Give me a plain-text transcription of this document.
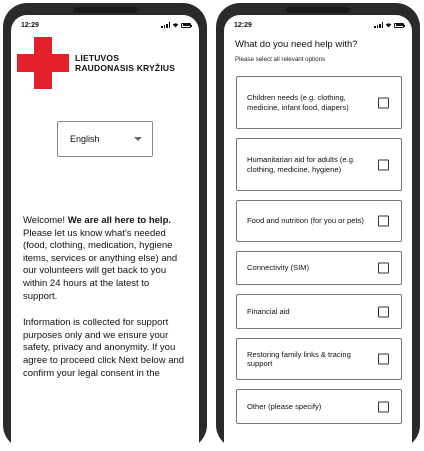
12:29
LIETUVOS
RAUDONASIS KRYŽIUS
English

Welcome! We are all here to help. Please let us know what's needed (food, clothing, medication, hygiene items, services or anything else) and our volunteers will get back to you within 24 hours at the latest to support.

Information is collected for support purposes only and we ensure your safety, privacy and anonymity. If you agree to proceed click Next below and confirm your legal consent in the

12:29
What do you need help with?
Please select all relevant options
Children needs (e.g. clothing, medicine, infant food, diapers)
Humanitarian aid for adults (e.g. clothing, medicine, hygiene)
Food and nutrition (for you or pets)
Connectivity (SIM)
Financial aid
Restoring family links & tracing support
Other (please specify)
